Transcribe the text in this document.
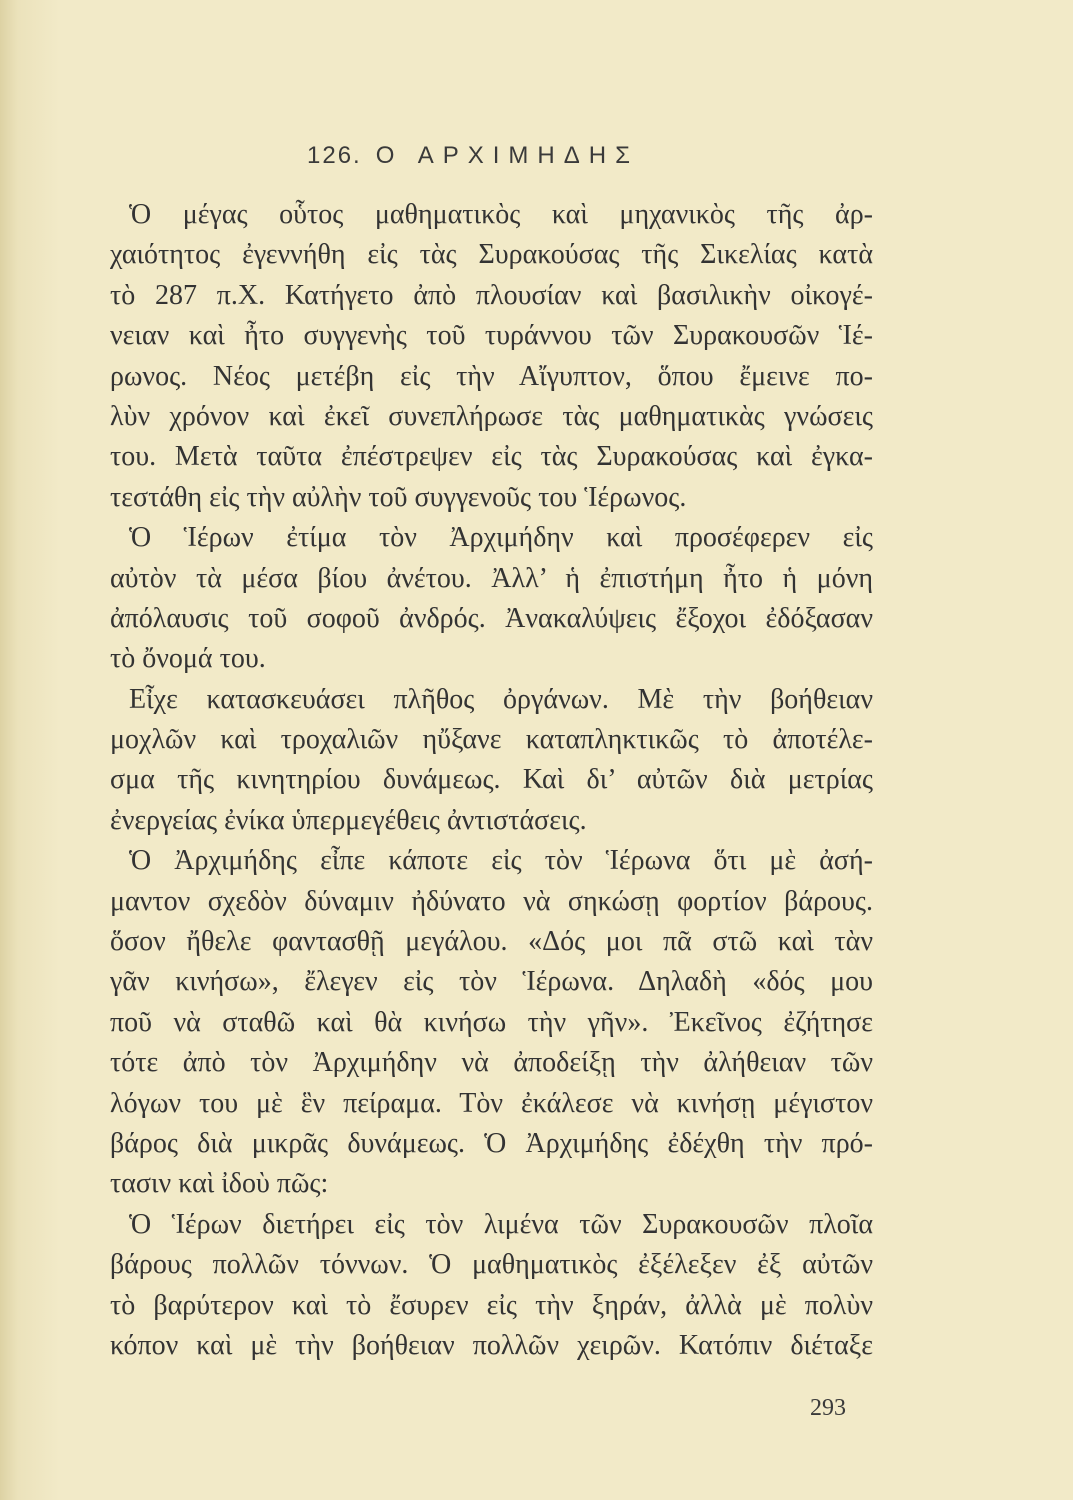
126. Ο ΑΡΧΙΜΗΔΗΣ
Ὁ μέγας οὗτος μαθηματικὸς καὶ μηχανικὸς τῆς ἀρ-
χαιότητος ἐγεννήθη εἰς τὰς Συρακούσας τῆς Σικελίας κατὰ
τὸ 287 π.Χ. Κατήγετο ἀπὸ πλουσίαν καὶ βασιλικὴν οἰκογέ-
νειαν καὶ ἦτο συγγενὴς τοῦ τυράννου τῶν Συρακουσῶν Ἱέ-
ρωνος. Νέος μετέβη εἰς τὴν Αἴγυπτον, ὅπου ἔμεινε πο-
λὺν χρόνον καὶ ἐκεῖ συνεπλήρωσε τὰς μαθηματικὰς γνώσεις
του. Μετὰ ταῦτα ἐπέστρεψεν εἰς τὰς Συρακούσας καὶ ἐγκα-
τεστάθη εἰς τὴν αὐλὴν τοῦ συγγενοῦς του Ἱέρωνος.
Ὁ Ἱέρων ἐτίμα τὸν Ἀρχιμήδην καὶ προσέφερεν εἰς
αὐτὸν τὰ μέσα βίου ἀνέτου. Ἀλλ’ ἡ ἐπιστήμη ἦτο ἡ μόνη
ἀπόλαυσις τοῦ σοφοῦ ἀνδρός. Ἀνακαλύψεις ἔξοχοι ἐδόξασαν
τὸ ὄνομά του.
Εἶχε κατασκευάσει πλῆθος ὀργάνων. Μὲ τὴν βοήθειαν
μοχλῶν καὶ τροχαλιῶν ηὔξανε καταπληκτικῶς τὸ ἀποτέλε-
σμα τῆς κινητηρίου δυνάμεως. Καὶ δι’ αὐτῶν διὰ μετρίας
ἐνεργείας ἐνίκα ὑπερμεγέθεις ἀντιστάσεις.
Ὁ Ἀρχιμήδης εἶπε κάποτε εἰς τὸν Ἱέρωνα ὅτι μὲ ἀσή-
μαντον σχεδὸν δύναμιν ἠδύνατο νὰ σηκώσῃ φορτίον βάρους.
ὅσον ἤθελε φαντασθῇ μεγάλου. «Δός μοι πᾶ στῶ καὶ τὰν
γᾶν κινήσω», ἔλεγεν εἰς τὸν Ἱέρωνα. Δηλαδὴ «δός μου
ποῦ νὰ σταθῶ καὶ θὰ κινήσω τὴν γῆν». Ἐκεῖνος ἐζήτησε
τότε ἀπὸ τὸν Ἀρχιμήδην νὰ ἀποδείξῃ τὴν ἀλήθειαν τῶν
λόγων του μὲ ἓν πείραμα. Τὸν ἐκάλεσε νὰ κινήσῃ μέγιστον
βάρος διὰ μικρᾶς δυνάμεως. Ὁ Ἀρχιμήδης ἐδέχθη τὴν πρό-
τασιν καὶ ἰδοὺ πῶς:
Ὁ Ἱέρων διετήρει εἰς τὸν λιμένα τῶν Συρακουσῶν πλοῖα
βάρους πολλῶν τόννων. Ὁ μαθηματικὸς ἐξέλεξεν ἐξ αὐτῶν
τὸ βαρύτερον καὶ τὸ ἔσυρεν εἰς τὴν ξηράν, ἀλλὰ μὲ πολὺν
κόπον καὶ μὲ τὴν βοήθειαν πολλῶν χειρῶν. Κατόπιν διέταξε
293
